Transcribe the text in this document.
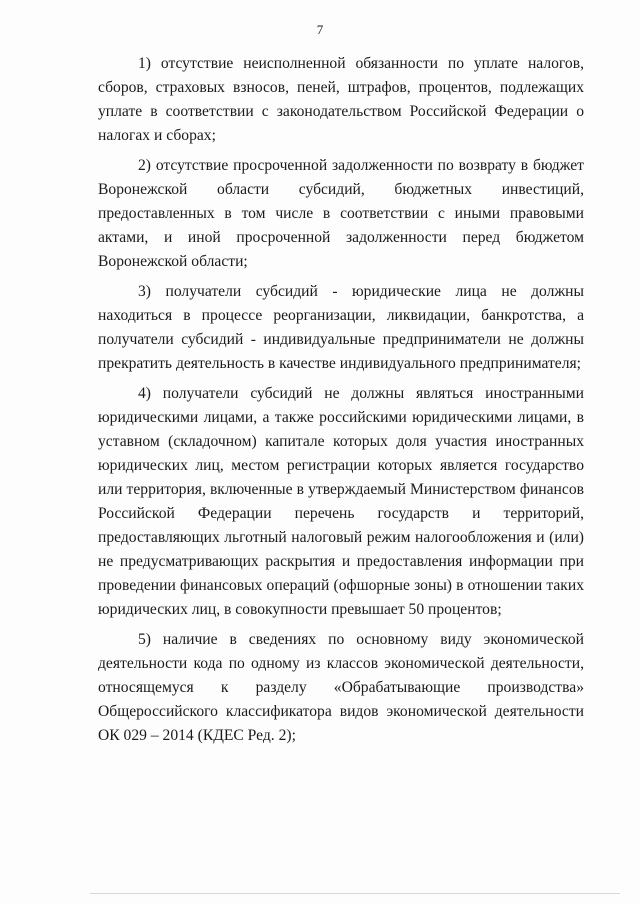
7

1) отсутствие неисполненной обязанности по уплате налогов, сборов, страховых взносов, пеней, штрафов, процентов, подлежащих уплате в соответствии с законодательством Российской Федерации о налогах и сборах;

2) отсутствие просроченной задолженности по возврату в бюджет Воронежской области субсидий, бюджетных инвестиций, предоставленных в том числе в соответствии с иными правовыми актами, и иной просроченной задолженности перед бюджетом Воронежской области;

3) получатели субсидий - юридические лица не должны находиться в процессе реорганизации, ликвидации, банкротства, а получатели субсидий - индивидуальные предприниматели не должны прекратить деятельность в качестве индивидуального предпринимателя;

4) получатели субсидий не должны являться иностранными юридическими лицами, а также российскими юридическими лицами, в уставном (складочном) капитале которых доля участия иностранных юридических лиц, местом регистрации которых является государство или территория, включенные в утверждаемый Министерством финансов Российской Федерации перечень государств и территорий, предоставляющих льготный налоговый режим налогообложения и (или) не предусматривающих раскрытия и предоставления информации при проведении финансовых операций (офшорные зоны) в отношении таких юридических лиц, в совокупности превышает 50 процентов;

5) наличие в сведениях по основному виду экономической деятельности кода по одному из классов экономической деятельности, относящемуся к разделу «Обрабатывающие производства» Общероссийского классификатора видов экономической деятельности ОК 029 – 2014 (КДЕС Ред. 2);
